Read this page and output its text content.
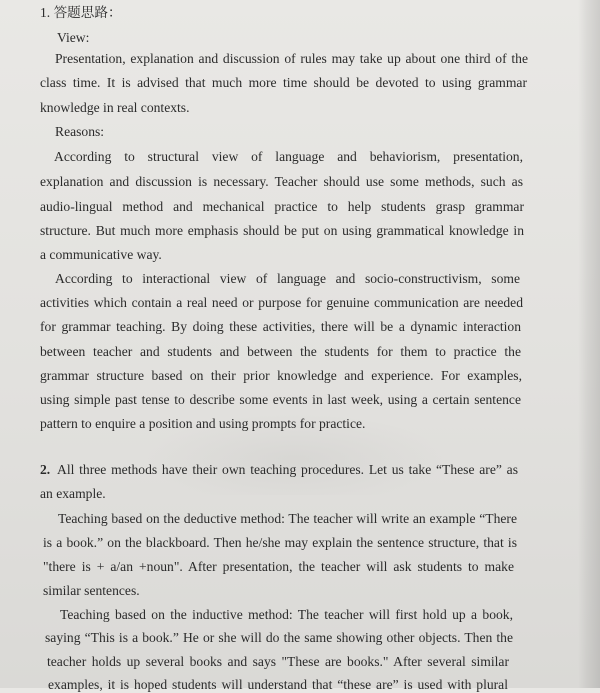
1. 答题思路：
View:
Presentation, explanation and discussion of rules may take up about one third of the
class time. It is advised that much more time should be devoted to using grammar
knowledge in real contexts.
Reasons:
According to structural view of language and behaviorism, presentation,
explanation and discussion is necessary. Teacher should use some methods, such as
audio-lingual method and mechanical practice to help students grasp grammar
structure. But much more emphasis should be put on using grammatical knowledge in
a communicative way.
According to interactional view of language and socio-constructivism, some
activities which contain a real need or purpose for genuine communication are needed
for grammar teaching. By doing these activities, there will be a dynamic interaction
between teacher and students and between the students for them to practice the
grammar structure based on their prior knowledge and experience. For examples,
using simple past tense to describe some events in last week, using a certain sentence
pattern to enquire a position and using prompts for practice.
2. All three methods have their own teaching procedures. Let us take “These are” as
an example.
Teaching based on the deductive method: The teacher will write an example “There
is a book.” on the blackboard. Then he/she may explain the sentence structure, that is
"there is + a/an +noun". After presentation, the teacher will ask students to make
similar sentences.
Teaching based on the inductive method: The teacher will first hold up a book,
saying “This is a book.” He or she will do the same showing other objects. Then the
teacher holds up several books and says "These are books." After several similar
examples, it is hoped students will understand that “these are” is used with plural
